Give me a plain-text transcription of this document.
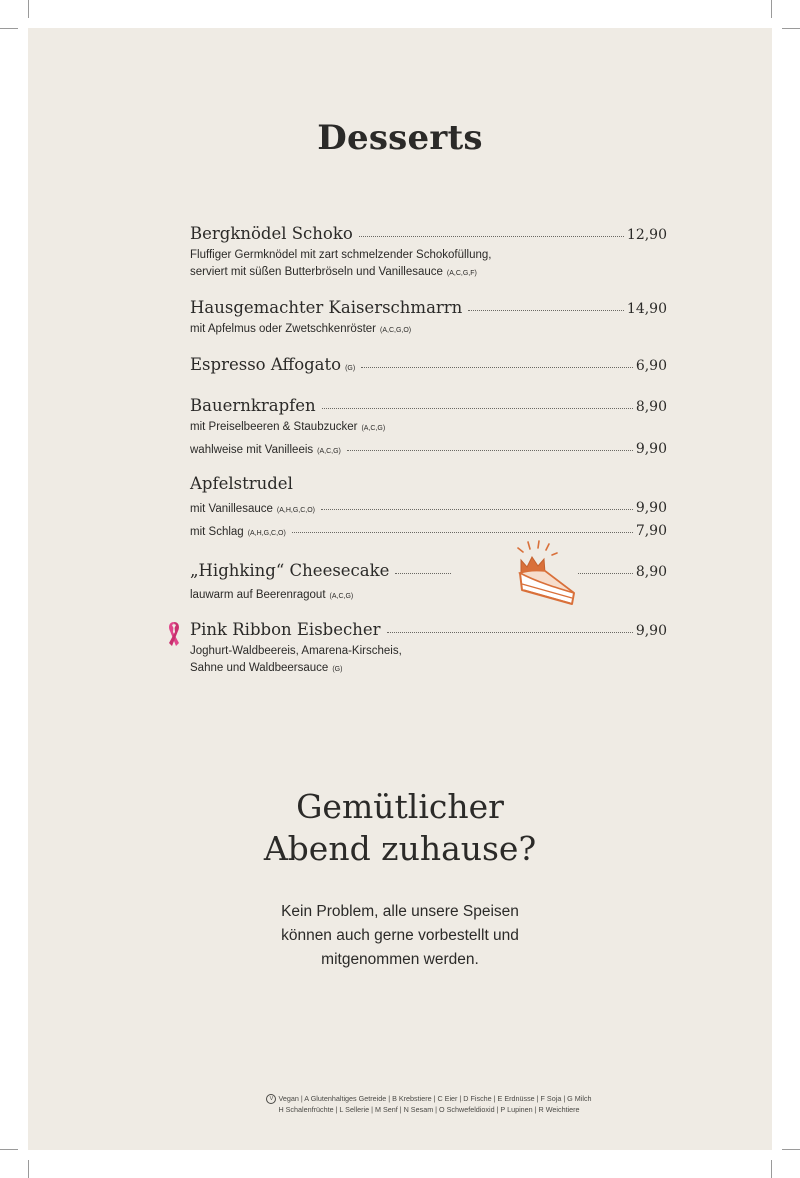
Desserts
Bergknödel Schoko	12,90
Fluffiger Germknödel mit zart schmelzender Schokofüllung,
serviert mit süßen Butterbröseln und Vanillesauce (A,C,G,F)
Hausgemachter Kaiserschmarrn	14,90
mit Apfelmus oder Zwetschkenröster (A,C,G,O)
Espresso Affogato (G)	6,90
Bauernkrapfen	8,90
mit Preiselbeeren & Staubzucker (A,C,G)
wahlweise mit Vanilleeis (A,C,G)	9,90
Apfelstrudel
mit Vanillesauce (A,H,G,C,O)	9,90
mit Schlag (A,H,G,C,O)	7,90
„Highking“ Cheesecake	8,90
lauwarm auf Beerenragout (A,C,G)
Pink Ribbon Eisbecher	9,90
Joghurt-Waldbeereis, Amarena-Kirscheis,
Sahne und Waldbeersauce (G)
Gemütlicher
Abend zuhause?
Kein Problem, alle unsere Speisen
können auch gerne vorbestellt und
mitgenommen werden.
V Vegan | A Glutenhaltiges Getreide | B Krebstiere | C Eier | D Fische | E Erdnüsse | F Soja | G Milch
H Schalenfrüchte | L Sellerie | M Senf | N Sesam | O Schwefeldioxid | P Lupinen | R Weichtiere
